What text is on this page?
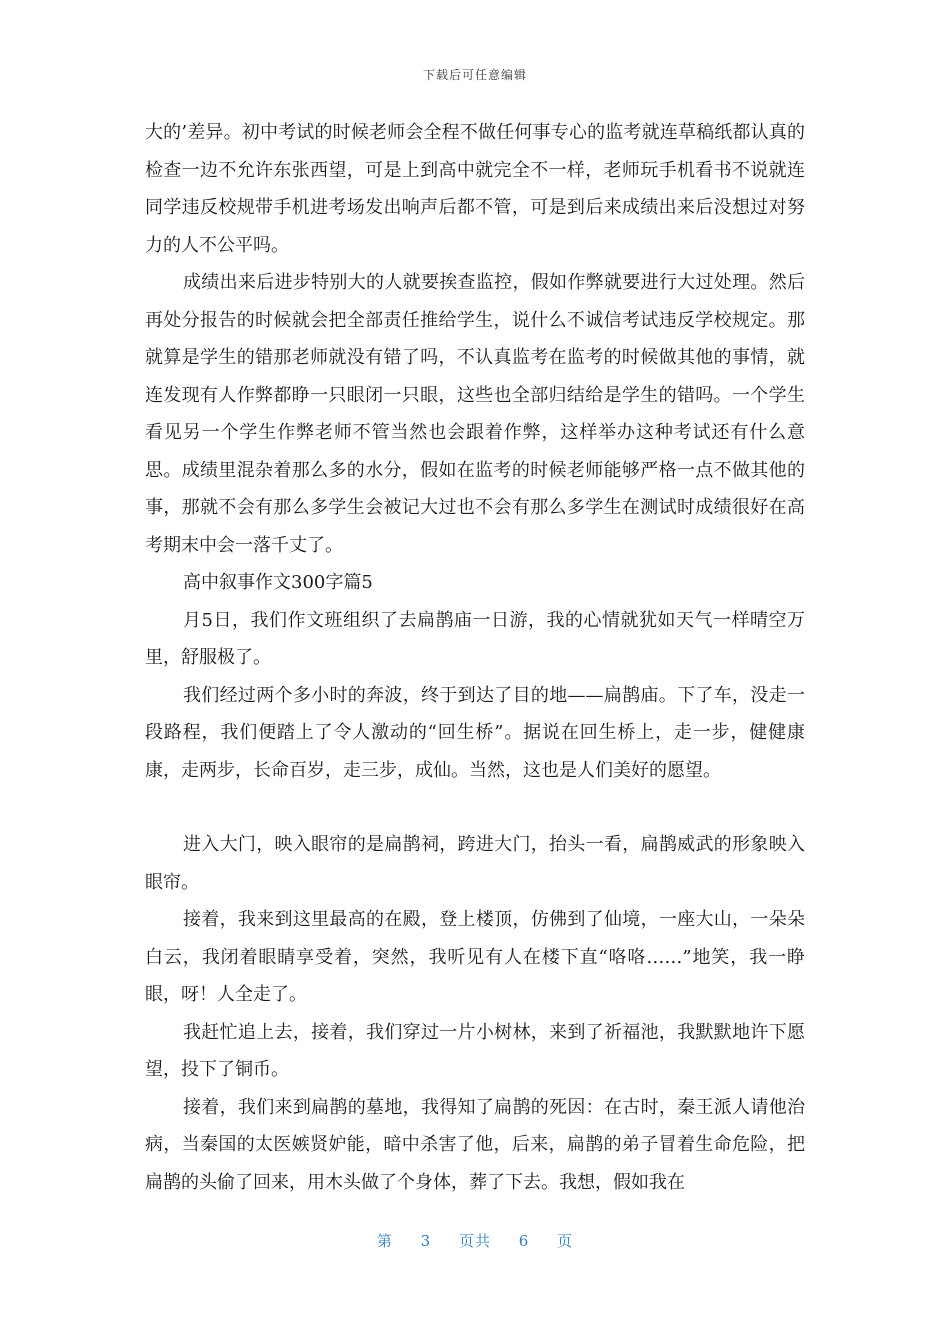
下载后可任意编辑

大的’差异。初中考试的时候老师会全程不做任何事专心的监考就连草稿纸都认真的检查一边不允许东张西望，可是上到高中就完全不一样，老师玩手机看书不说就连同学违反校规带手机进考场发出响声后都不管，可是到后来成绩出来后没想过对努力的人不公平吗。

成绩出来后进步特别大的人就要挨查监控，假如作弊就要进行大过处理。然后再处分报告的时候就会把全部责任推给学生，说什么不诚信考试违反学校规定。那就算是学生的错那老师就没有错了吗，不认真监考在监考的时候做其他的事情，就连发现有人作弊都睁一只眼闭一只眼，这些也全部归结给是学生的错吗。一个学生看见另一个学生作弊老师不管当然也会跟着作弊，这样举办这种考试还有什么意思。成绩里混杂着那么多的水分，假如在监考的时候老师能够严格一点不做其他的事，那就不会有那么多学生会被记大过也不会有那么多学生在测试时成绩很好在高考期末中会一落千丈了。

高中叙事作文300字篇5

月5日，我们作文班组织了去扁鹊庙一日游，我的心情就犹如天气一样晴空万里，舒服极了。

我们经过两个多小时的奔波，终于到达了目的地——扁鹊庙。下了车，没走一段路程，我们便踏上了令人激动的“回生桥”。据说在回生桥上，走一步，健健康康，走两步，长命百岁，走三步，成仙。当然，这也是人们美好的愿望。

进入大门，映入眼帘的是扁鹊祠，跨进大门，抬头一看，扁鹊威武的形象映入眼帘。

接着，我来到这里最高的在殿，登上楼顶，仿佛到了仙境，一座大山，一朵朵白云，我闭着眼睛享受着，突然，我听见有人在楼下直“咯咯……”地笑，我一睁眼，呀！人全走了。

我赶忙追上去，接着，我们穿过一片小树林，来到了祈福池，我默默地许下愿望，投下了铜币。

接着，我们来到扁鹊的墓地，我得知了扁鹊的死因：在古时，秦王派人请他治病，当秦国的太医嫉贤妒能，暗中杀害了他，后来，扁鹊的弟子冒着生命危险，把扁鹊的头偷了回来，用木头做了个身体，葬了下去。我想，假如我在

第 3 页共 6 页
